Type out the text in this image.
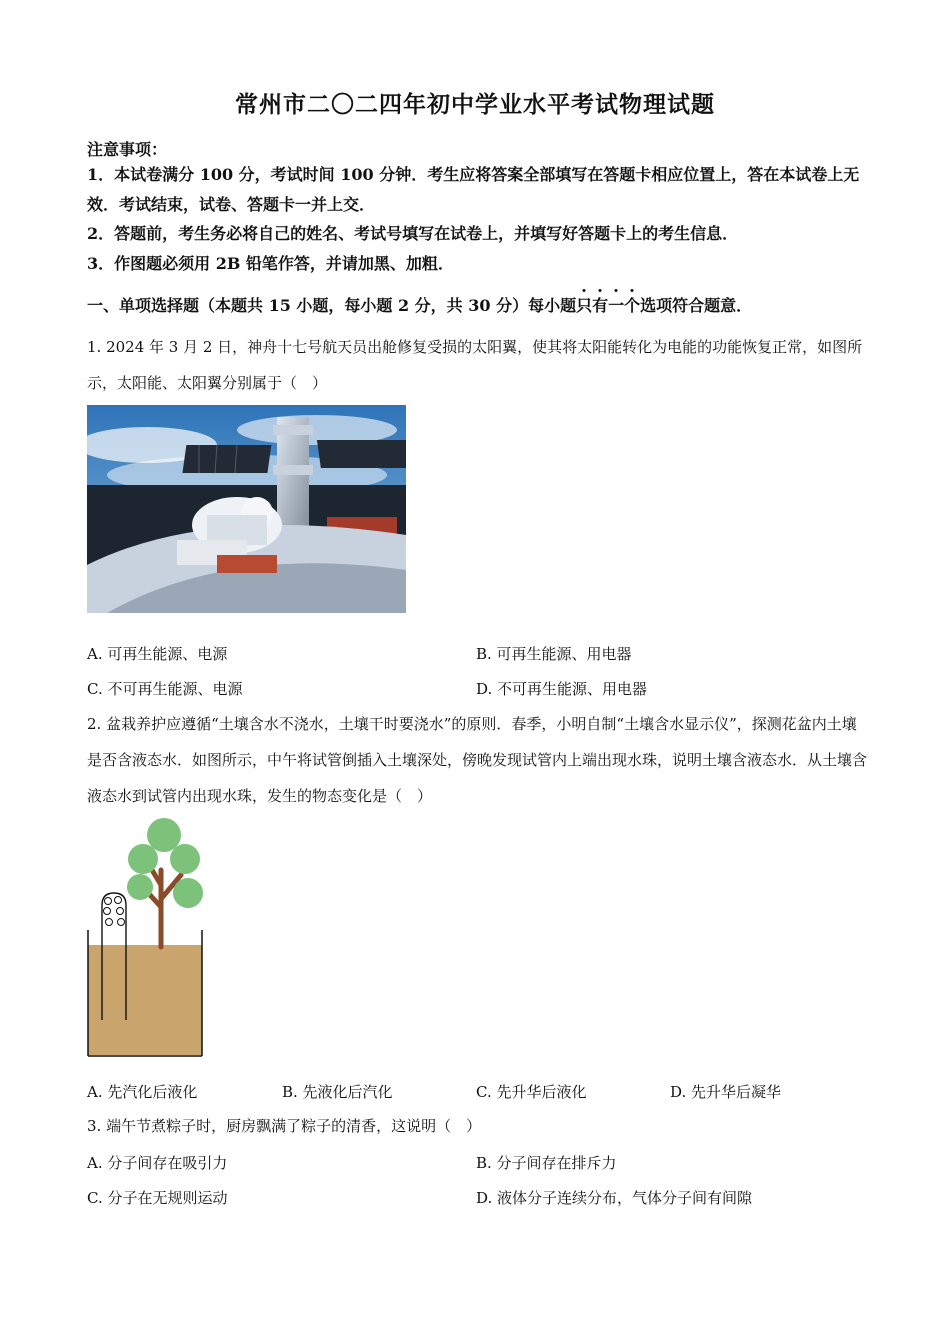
常州市二〇二四年初中学业水平考试物理试题
注意事项：
1．本试卷满分 100 分，考试时间 100 分钟．考生应将答案全部填写在答题卡相应位置上，答在本试卷上无效．考试结束，试卷、答题卡一并上交．
2．答题前，考生务必将自己的姓名、考试号填写在试卷上，并填写好答题卡上的考生信息．
3．作图题必须用 2B 铅笔作答，并请加黑、加粗．
一、单项选择题（本题共 15 小题，每小题 2 分，共 30 分）每小题只有一个选项符合题意．
1. 2024 年 3 月 2 日，神舟十七号航天员出舱修复受损的太阳翼，使其将太阳能转化为电能的功能恢复正常，如图所示，太阳能、太阳翼分别属于（　）
A. 可再生能源、电源	B. 可再生能源、用电器
C. 不可再生能源、电源	D. 不可再生能源、用电器
2. 盆栽养护应遵循“土壤含水不浇水，土壤干时要浇水”的原则．春季，小明自制“土壤含水显示仪”，探测花盆内土壤是否含液态水．如图所示，中午将试管倒插入土壤深处，傍晚发现试管内上端出现水珠，说明土壤含液态水．从土壤含液态水到试管内出现水珠，发生的物态变化是（　）
A. 先汽化后液化	B. 先液化后汽化	C. 先升华后液化	D. 先升华后凝华
3. 端午节煮粽子时，厨房飘满了粽子的清香，这说明（　）
A. 分子间存在吸引力	B. 分子间存在排斥力
C. 分子在无规则运动	D. 液体分子连续分布，气体分子间有间隙
